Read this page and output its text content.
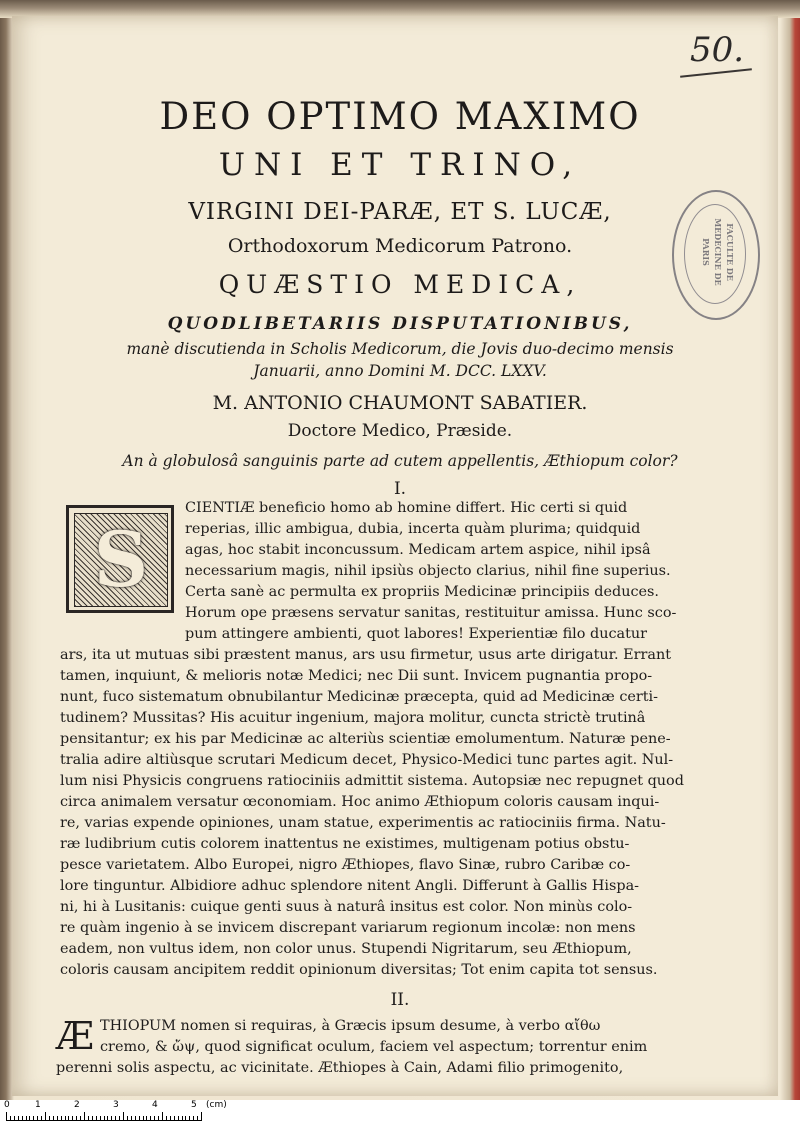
50.
FACULTE DE MEDECINE DE PARIS
DEO OPTIMO MAXIMO
UNI ET TRINO,
VIRGINI DEI-PARÆ, ET S. LUCÆ,
Orthodoxorum Medicorum Patrono.
QUÆSTIO MEDICA,
QUODLIBETARIIS DISPUTATIONIBUS,
manè discutienda in Scholis Medicorum, die Jovis duo-decimo mensis
Januarii, anno Domini M. DCC. LXXV.
M. ANTONIO CHAUMONT SABATIER.
Doctore Medico, Præside.
An à globulosâ sanguinis parte ad cutem appellentis, Æthiopum color?
I.
S
CIENTIÆ beneficio homo ab homine differt. Hic certi si quid
reperias, illic ambigua, dubia, incerta quàm plurima; quidquid
agas, hoc stabit inconcussum. Medicam artem aspice, nihil ipsâ
necessarium magis, nihil ipsiùs objecto clarius, nihil fine superius.
Certa sanè ac permulta ex propriis Medicinæ principiis deduces.
Horum ope præsens servatur sanitas, restituitur amissa. Hunc sco-
pum attingere ambienti, quot labores! Experientiæ filo ducatur
ars, ita ut mutuas sibi præstent manus, ars usu firmetur, usus arte dirigatur. Errant
tamen, inquiunt, & melioris notæ Medici; nec Dii sunt. Invicem pugnantia propo-
nunt, fuco sistematum obnubilantur Medicinæ præcepta, quid ad Medicinæ certi-
tudinem? Mussitas? His acuitur ingenium, majora molitur, cuncta strictè trutinâ
pensitantur; ex his par Medicinæ ac alteriùs scientiæ emolumentum. Naturæ pene-
tralia adire altiùsque scrutari Medicum decet, Physico-Medici tunc partes agit. Nul-
lum nisi Physicis congruens ratiociniis admittit sistema. Autopsiæ nec repugnet quod
circa animalem versatur œconomiam. Hoc animo Æthiopum coloris causam inqui-
re, varias expende opiniones, unam statue, experimentis ac ratiociniis firma. Natu-
ræ ludibrium cutis colorem inattentus ne existimes, multigenam potius obstu-
pesce varietatem. Albo Europei, nigro Æthiopes, flavo Sinæ, rubro Caribæ co-
lore tinguntur. Albidiore adhuc splendore nitent Angli. Differunt à Gallis Hispa-
ni, hi à Lusitanis: cuique genti suus à naturâ insitus est color. Non minùs colo-
re quàm ingenio à se invicem discrepant variarum regionum incolæ: non mens
eadem, non vultus idem, non color unus. Stupendi Nigritarum, seu Æthiopum,
coloris causam ancipitem reddit opinionum diversitas; Tot enim capita tot sensus.
II.
Æ THIOPUM nomen si requiras, à Græcis ipsum desume, à verbo αἴθω
cremo, & ὤψ, quod significat oculum, faciem vel aspectum; torrentur enim
perenni solis aspectu, ac vicinitate. Æthiopes à Cain, Adami filio primogenito,
0	1	2	3	4	5 (cm)
